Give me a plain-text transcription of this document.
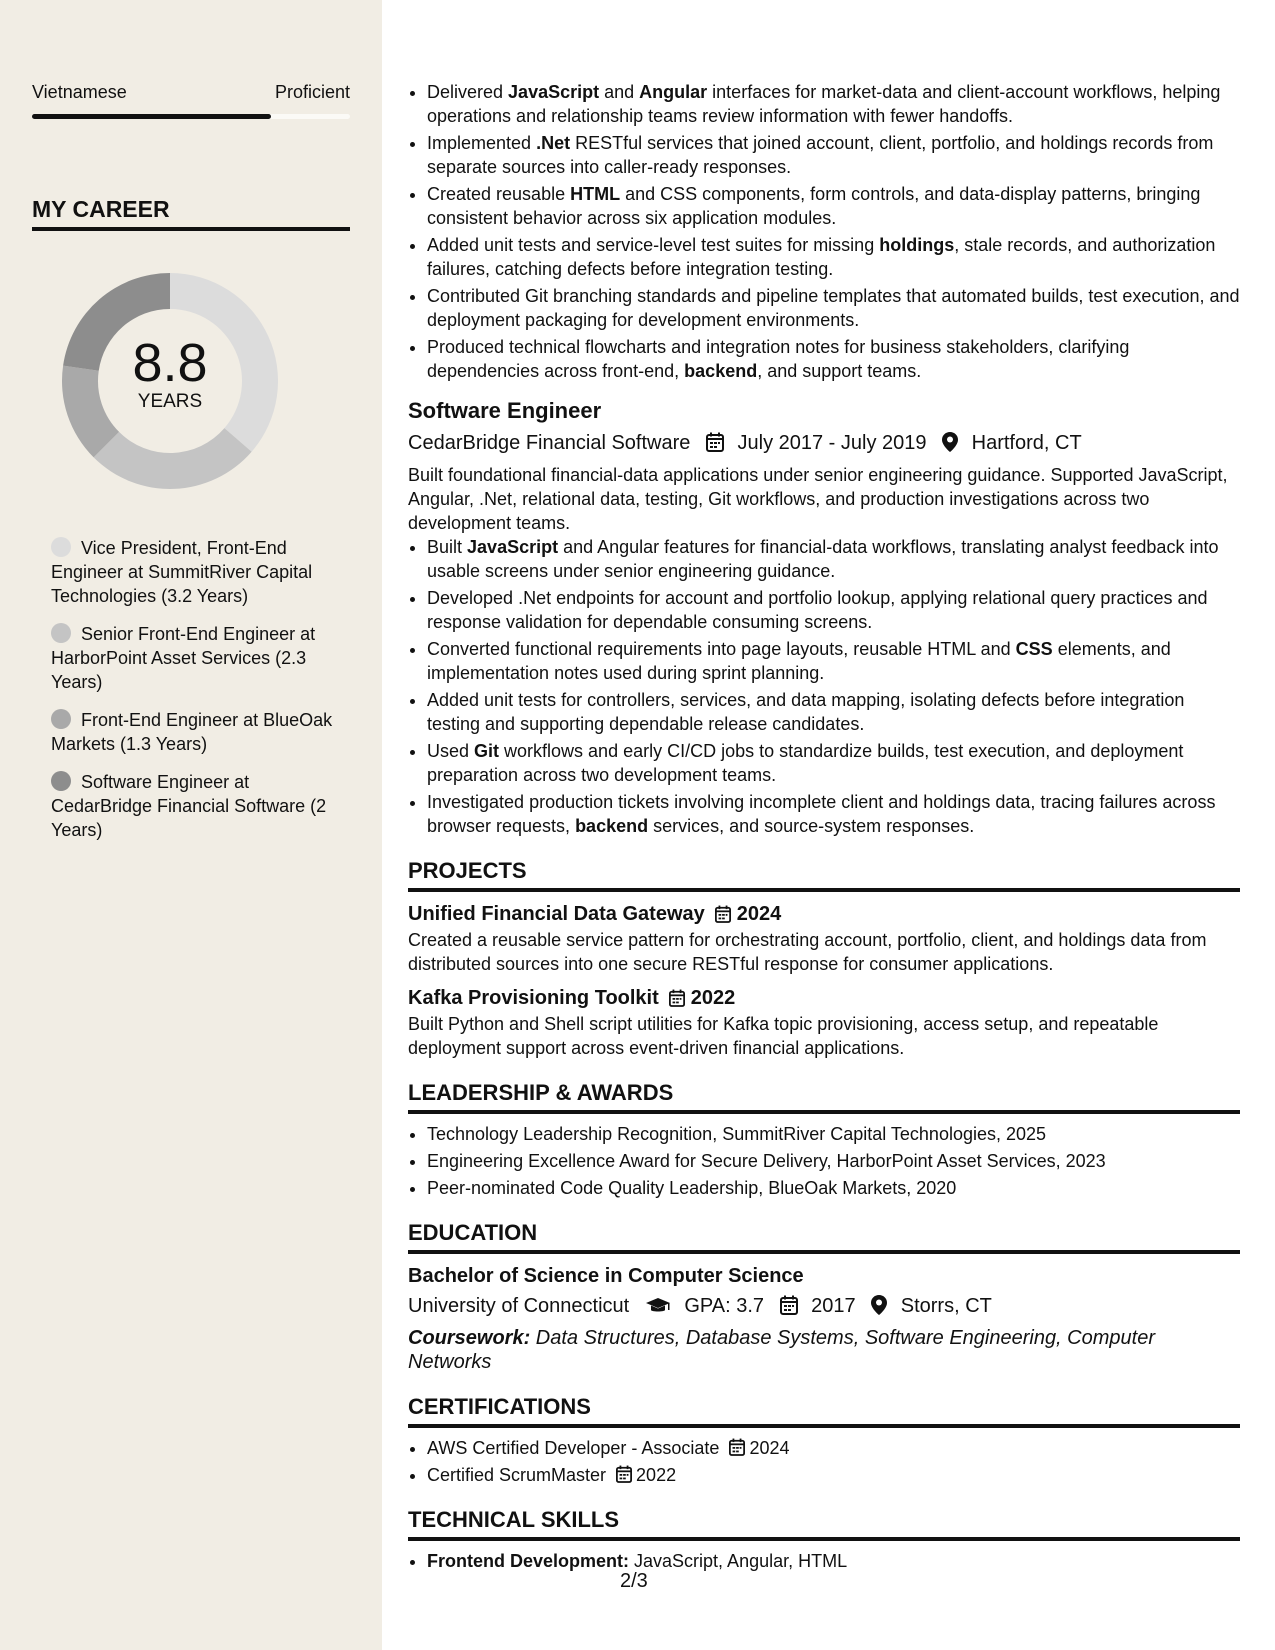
Vietnamese	Proficient
MY CAREER
8.8
YEARS
Vice President, Front-End Engineer at SummitRiver Capital Technologies (3.2 Years)
Senior Front-End Engineer at HarborPoint Asset Services (2.3 Years)
Front-End Engineer at BlueOak Markets (1.3 Years)
Software Engineer at CedarBridge Financial Software (2 Years)
• Delivered JavaScript and Angular interfaces for market-data and client-account workflows, helping operations and relationship teams review information with fewer handoffs.
• Implemented .Net RESTful services that joined account, client, portfolio, and holdings records from separate sources into caller-ready responses.
• Created reusable HTML and CSS components, form controls, and data-display patterns, bringing consistent behavior across six application modules.
• Added unit tests and service-level test suites for missing holdings, stale records, and authorization failures, catching defects before integration testing.
• Contributed Git branching standards and pipeline templates that automated builds, test execution, and deployment packaging for development environments.
• Produced technical flowcharts and integration notes for business stakeholders, clarifying dependencies across front-end, backend, and support teams.
Software Engineer
CedarBridge Financial Software July 2017 - July 2019 Hartford, CT
Built foundational financial-data applications under senior engineering guidance. Supported JavaScript, Angular, .Net, relational data, testing, Git workflows, and production investigations across two development teams.
• Built JavaScript and Angular features for financial-data workflows, translating analyst feedback into usable screens under senior engineering guidance.
• Developed .Net endpoints for account and portfolio lookup, applying relational query practices and response validation for dependable consuming screens.
• Converted functional requirements into page layouts, reusable HTML and CSS elements, and implementation notes used during sprint planning.
• Added unit tests for controllers, services, and data mapping, isolating defects before integration testing and supporting dependable release candidates.
• Used Git workflows and early CI/CD jobs to standardize builds, test execution, and deployment preparation across two development teams.
• Investigated production tickets involving incomplete client and holdings data, tracing failures across browser requests, backend services, and source-system responses.
PROJECTS
Unified Financial Data Gateway 2024
Created a reusable service pattern for orchestrating account, portfolio, client, and holdings data from distributed sources into one secure RESTful response for consumer applications.
Kafka Provisioning Toolkit 2022
Built Python and Shell script utilities for Kafka topic provisioning, access setup, and repeatable deployment support across event-driven financial applications.
LEADERSHIP & AWARDS
• Technology Leadership Recognition, SummitRiver Capital Technologies, 2025
• Engineering Excellence Award for Secure Delivery, HarborPoint Asset Services, 2023
• Peer-nominated Code Quality Leadership, BlueOak Markets, 2020
EDUCATION
Bachelor of Science in Computer Science
University of Connecticut	GPA: 3.7 2017 Storrs, CT
Coursework: Data Structures, Database Systems, Software Engineering, Computer Networks
CERTIFICATIONS
• AWS Certified Developer - Associate 2024
• Certified ScrumMaster 2022
TECHNICAL SKILLS
• Frontend Development: JavaScript, Angular, HTML
2/3
